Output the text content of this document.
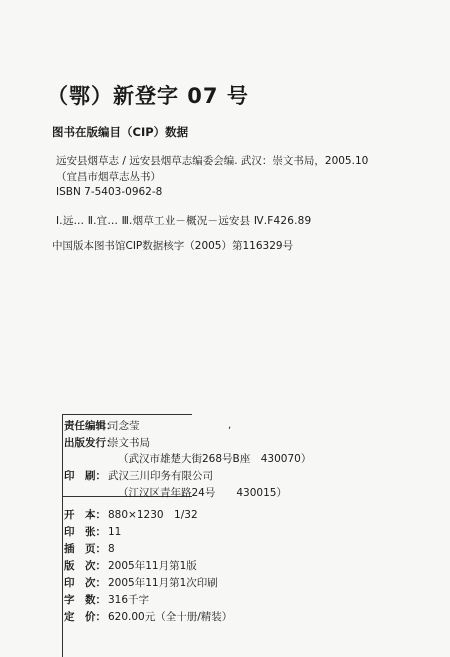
（鄂）新登字 07 号
图书在版编目（CIP）数据
远安县烟草志 / 远安县烟草志编委会编. 武汉：崇文书局，2005.10
（宜昌市烟草志丛书）
ISBN 7-5403-0962-8
Ⅰ.远… Ⅱ.宜… Ⅲ.烟草工业－概况－远安县 Ⅳ.F426.89
中国版本图书馆CIP数据核字（2005）第116329号
,
责任编辑：司念莹
出版发行：崇文书局
（武汉市雄楚大街268号B座　430070）
印　刷： 武汉三川印务有限公司
（江汉区青年路24号　　430015）
开　本： 880×1230　1/32
印　张： 11
插　页： 8
版　次： 2005年11月第1版
印　次： 2005年11月第1次印刷
字　数： 316千字
定　价： 620.00元（全十册/精装）
